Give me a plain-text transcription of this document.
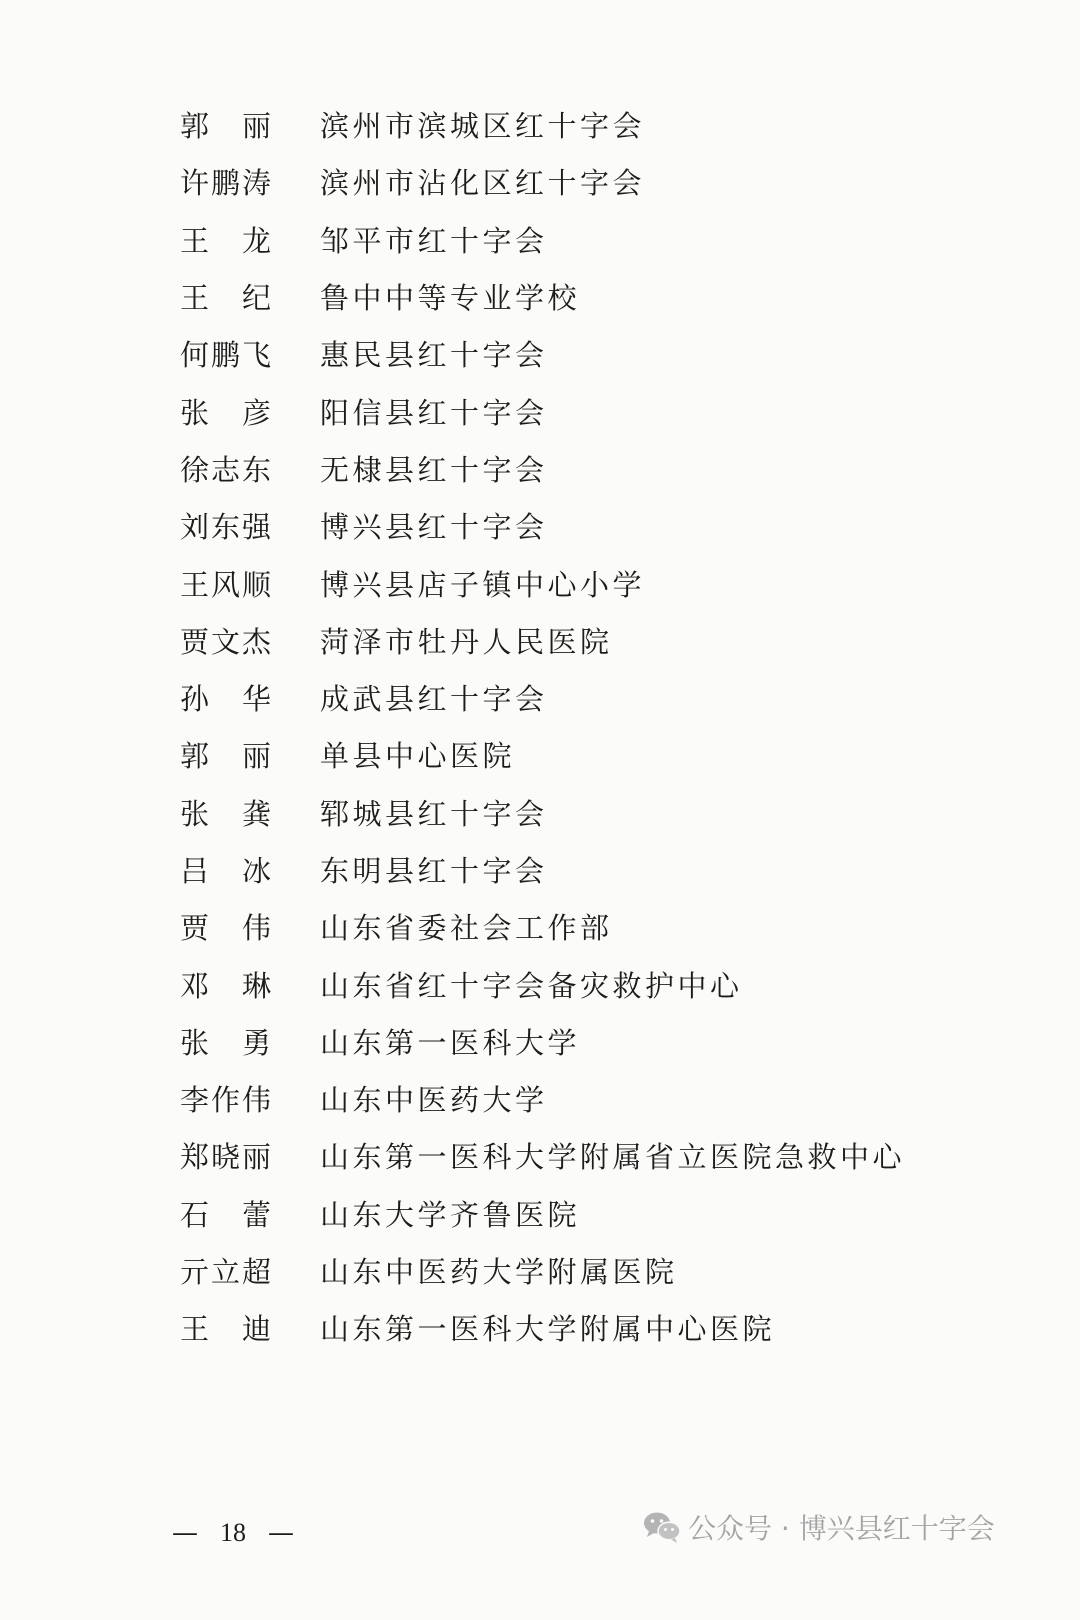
郭丽 滨州市滨城区红十字会
许鹏涛 滨州市沾化区红十字会
王龙 邹平市红十字会
王纪 鲁中中等专业学校
何鹏飞 惠民县红十字会
张彦 阳信县红十字会
徐志东 无棣县红十字会
刘东强 博兴县红十字会
王风顺 博兴县店子镇中心小学
贾文杰 菏泽市牡丹人民医院
孙华 成武县红十字会
郭丽 单县中心医院
张龚 郓城县红十字会
吕冰 东明县红十字会
贾伟 山东省委社会工作部
邓琳 山东省红十字会备灾救护中心
张勇 山东第一医科大学
李作伟 山东中医药大学
郑晓丽 山东第一医科大学附属省立医院急救中心
石蕾 山东大学齐鲁医院
亓立超 山东中医药大学附属医院
王迪 山东第一医科大学附属中心医院
— 18 —	公众号 · 博兴县红十字会
